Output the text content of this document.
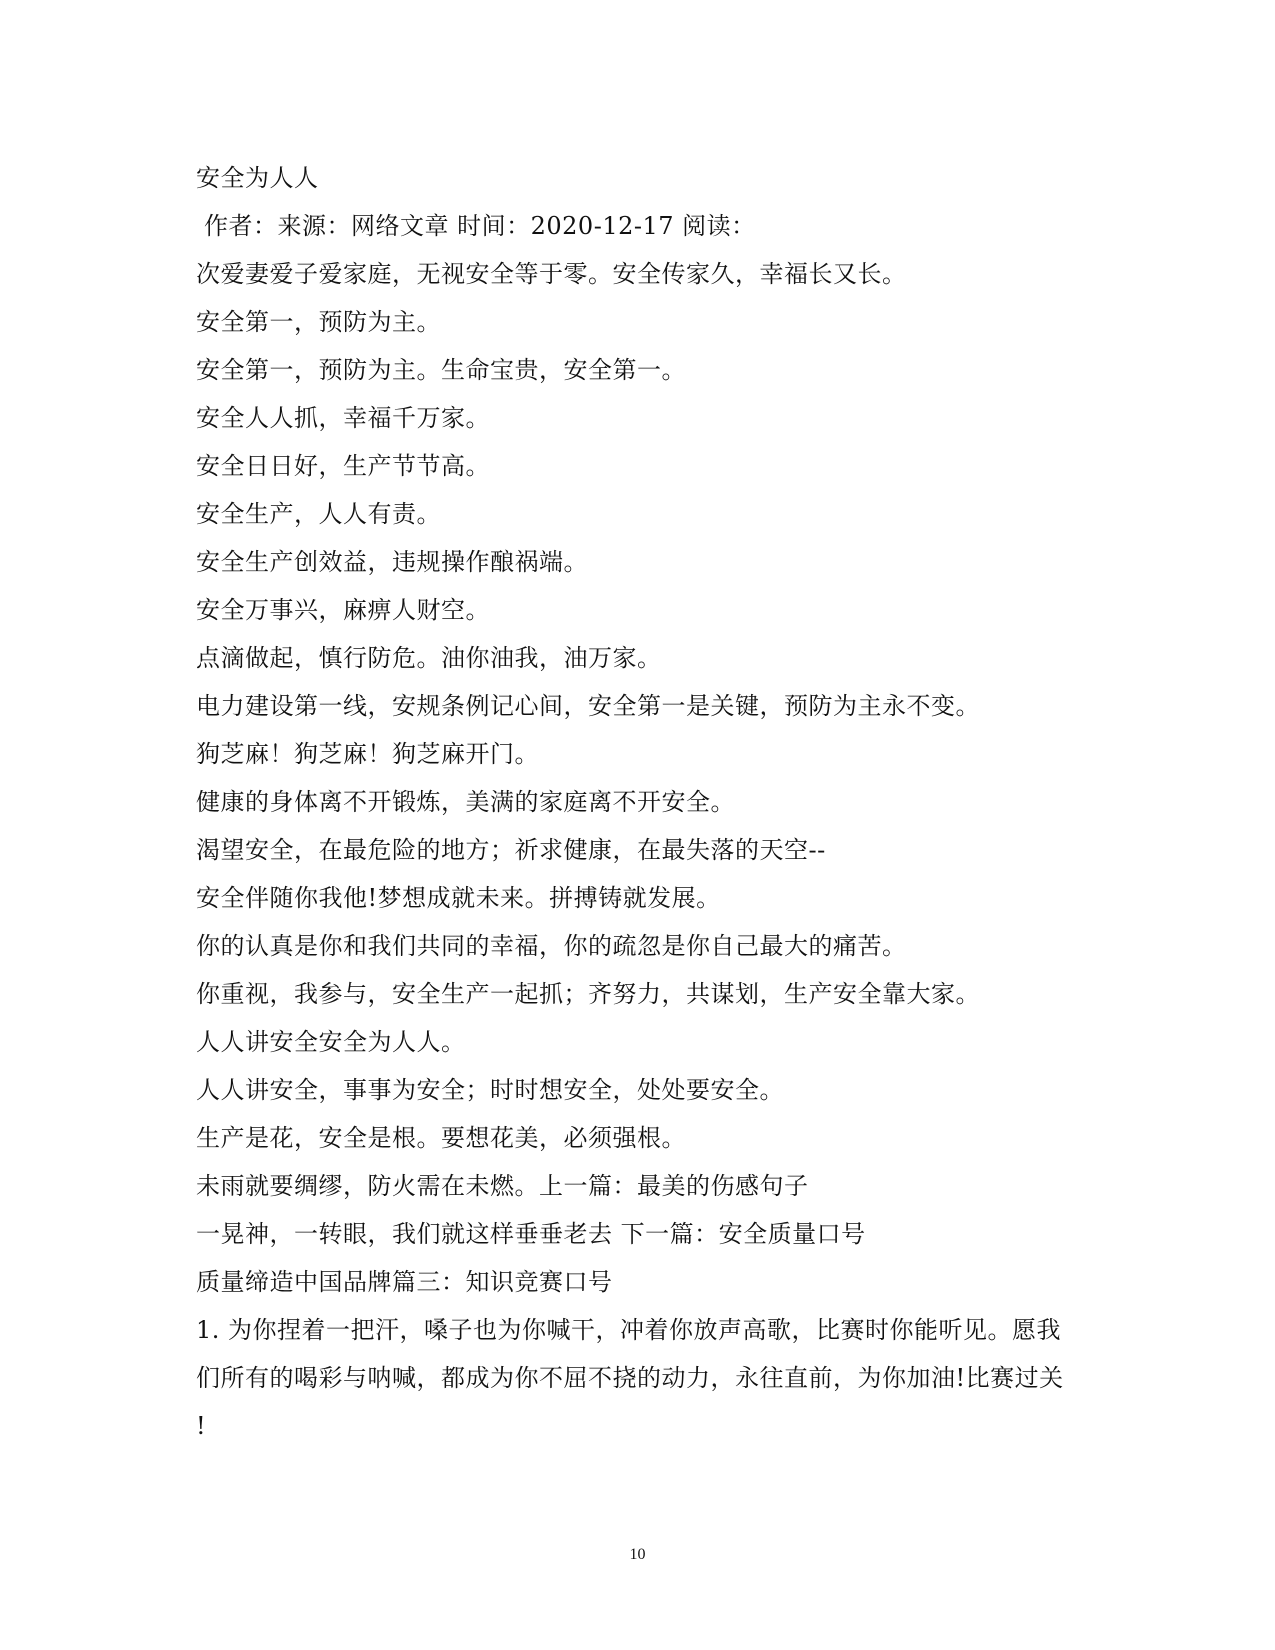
安全为人人
作者：来源：网络文章 时间：2020-12-17 阅读：
次爱妻爱子爱家庭，无视安全等于零。安全传家久，幸福长又长。
安全第一，预防为主。
安全第一，预防为主。生命宝贵，安全第一。
安全人人抓，幸福千万家。
安全日日好，生产节节高。
安全生产，人人有责。
安全生产创效益，违规操作酿祸端。
安全万事兴，麻痹人财空。
点滴做起，慎行防危。油你油我，油万家。
电力建设第一线，安规条例记心间，安全第一是关键，预防为主永不变。
狗芝麻！狗芝麻！狗芝麻开门。
健康的身体离不开锻炼，美满的家庭离不开安全。
渴望安全，在最危险的地方；祈求健康，在最失落的天空--
安全伴随你我他!梦想成就未来。拼搏铸就发展。
你的认真是你和我们共同的幸福，你的疏忽是你自己最大的痛苦。
你重视，我参与，安全生产一起抓；齐努力，共谋划，生产安全靠大家。
人人讲安全安全为人人。
人人讲安全，事事为安全；时时想安全，处处要安全。
生产是花，安全是根。要想花美，必须强根。
未雨就要绸缪，防火需在未燃。上一篇：最美的伤感句子
一晃神，一转眼，我们就这样垂垂老去 下一篇：安全质量口号
质量缔造中国品牌篇三：知识竞赛口号
1. 为你捏着一把汗，嗓子也为你喊干，冲着你放声高歌，比赛时你能听见。愿我
们所有的喝彩与呐喊，都成为你不屈不挠的动力，永往直前，为你加油!比赛过关
!
10
